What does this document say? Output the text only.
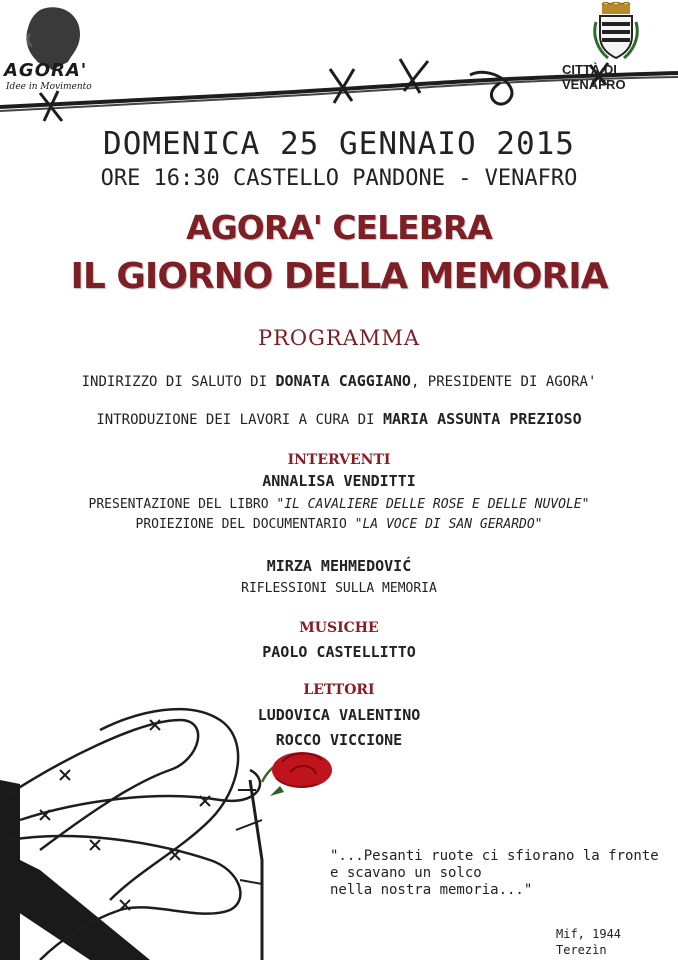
AGORA'
Idee in Movimento
CITTÀ DI VENAFRO
DOMENICA 25 GENNAIO 2015
ORE 16:30 CASTELLO PANDONE - VENAFRO
AGORA' CELEBRA
IL GIORNO DELLA MEMORIA
PROGRAMMA
INDIRIZZO DI SALUTO DI DONATA CAGGIANO, PRESIDENTE DI AGORA'
INTRODUZIONE DEI LAVORI A CURA DI MARIA ASSUNTA PREZIOSO
INTERVENTI
ANNALISA VENDITTI
PRESENTAZIONE DEL LIBRO "IL CAVALIERE DELLE ROSE E DELLE NUVOLE"
PROIEZIONE DEL DOCUMENTARIO "LA VOCE DI SAN GERARDO"
MIRZA MEHMEDOVIĆ
RIFLESSIONI SULLA MEMORIA
MUSICHE
PAOLO CASTELLITTO
LETTORI
LUDOVICA VALENTINO
ROCCO VICCIONE
"...Pesanti ruote ci sfiorano la fronte
e scavano un solco
nella nostra memoria..."
Mif, 1944
Terezìn
